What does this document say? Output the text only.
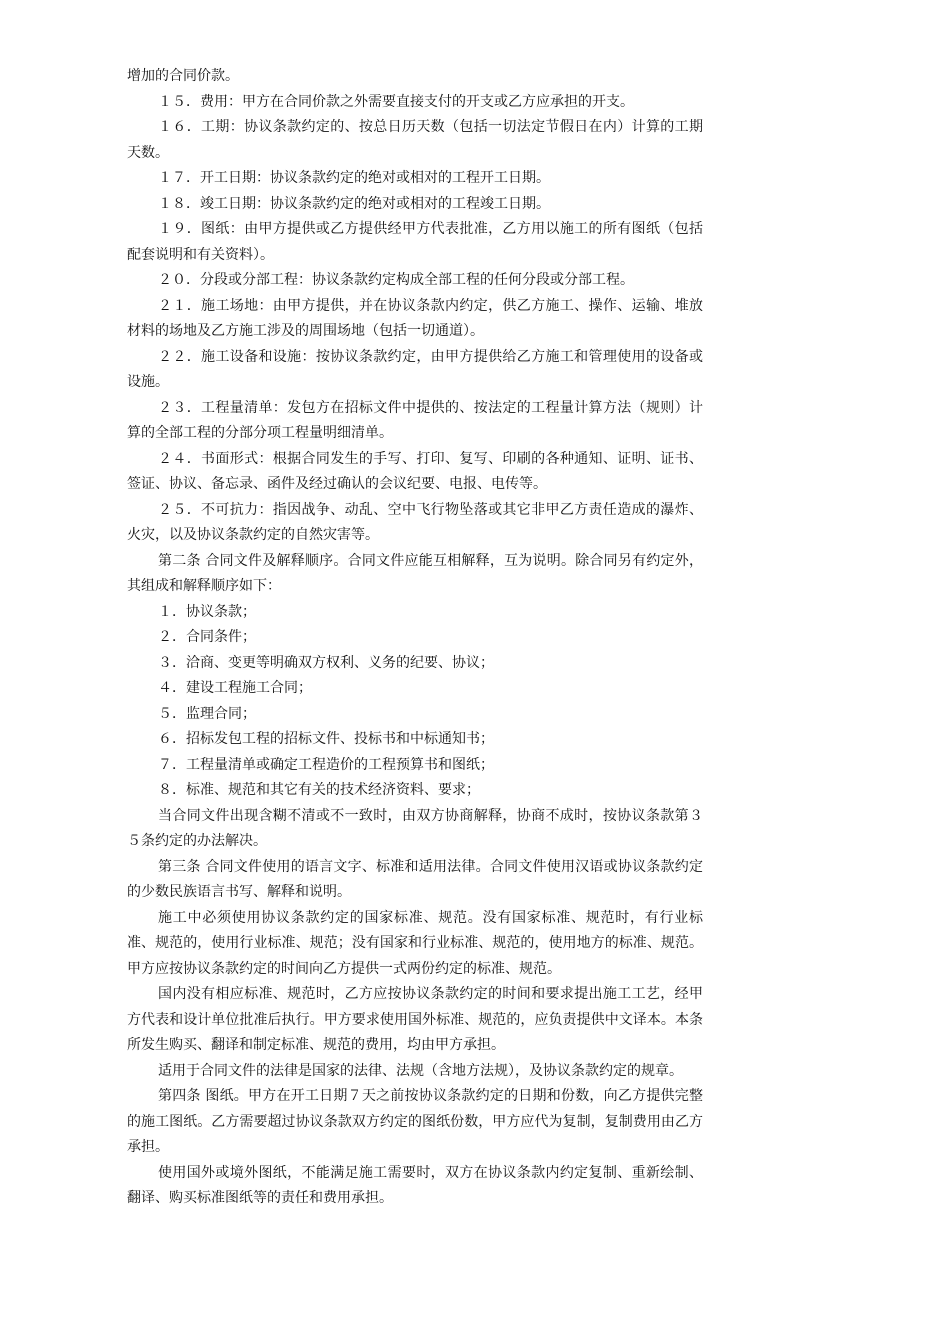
增加的合同价款。

１５．费用：甲方在合同价款之外需要直接支付的开支或乙方应承担的开支。

１６．工期：协议条款约定的、按总日历天数（包括一切法定节假日在内）计算的工期天数。

１７．开工日期：协议条款约定的绝对或相对的工程开工日期。

１８．竣工日期：协议条款约定的绝对或相对的工程竣工日期。

１９．图纸：由甲方提供或乙方提供经甲方代表批准，乙方用以施工的所有图纸（包括配套说明和有关资料）。

２０．分段或分部工程：协议条款约定构成全部工程的任何分段或分部工程。

２１．施工场地：由甲方提供，并在协议条款内约定，供乙方施工、操作、运输、堆放材料的场地及乙方施工涉及的周围场地（包括一切通道）。

２２．施工设备和设施：按协议条款约定，由甲方提供给乙方施工和管理使用的设备或设施。

２３．工程量清单：发包方在招标文件中提供的、按法定的工程量计算方法（规则）计算的全部工程的分部分项工程量明细清单。

２４．书面形式：根据合同发生的手写、打印、复写、印刷的各种通知、证明、证书、签证、协议、备忘录、函件及经过确认的会议纪要、电报、电传等。

２５．不可抗力：指因战争、动乱、空中飞行物坠落或其它非甲乙方责任造成的瀑炸、火灾，以及协议条款约定的自然灾害等。

第二条 合同文件及解释顺序。合同文件应能互相解释，互为说明。除合同另有约定外，其组成和解释顺序如下：

１．协议条款；

２．合同条件；

３．洽商、变更等明确双方权利、义务的纪要、协议；

４．建设工程施工合同；

５．监理合同；

６．招标发包工程的招标文件、投标书和中标通知书；

７．工程量清单或确定工程造价的工程预算书和图纸；

８．标准、规范和其它有关的技术经济资料、要求；

当合同文件出现含糊不清或不一致时，由双方协商解释，协商不成时，按协议条款第３５条约定的办法解决。

第三条 合同文件使用的语言文字、标准和适用法律。合同文件使用汉语或协议条款约定的少数民族语言书写、解释和说明。

施工中必须使用协议条款约定的国家标准、规范。没有国家标准、规范时，有行业标准、规范的，使用行业标准、规范；没有国家和行业标准、规范的，使用地方的标准、规范。甲方应按协议条款约定的时间向乙方提供一式两份约定的标准、规范。

国内没有相应标准、规范时，乙方应按协议条款约定的时间和要求提出施工工艺，经甲方代表和设计单位批准后执行。甲方要求使用国外标准、规范的，应负责提供中文译本。本条所发生购买、翻译和制定标准、规范的费用，均由甲方承担。

适用于合同文件的法律是国家的法律、法规（含地方法规），及协议条款约定的规章。

第四条 图纸。甲方在开工日期７天之前按协议条款约定的日期和份数，向乙方提供完整的施工图纸。乙方需要超过协议条款双方约定的图纸份数，甲方应代为复制，复制费用由乙方承担。

使用国外或境外图纸，不能满足施工需要时，双方在协议条款内约定复制、重新绘制、翻译、购买标准图纸等的责任和费用承担。
